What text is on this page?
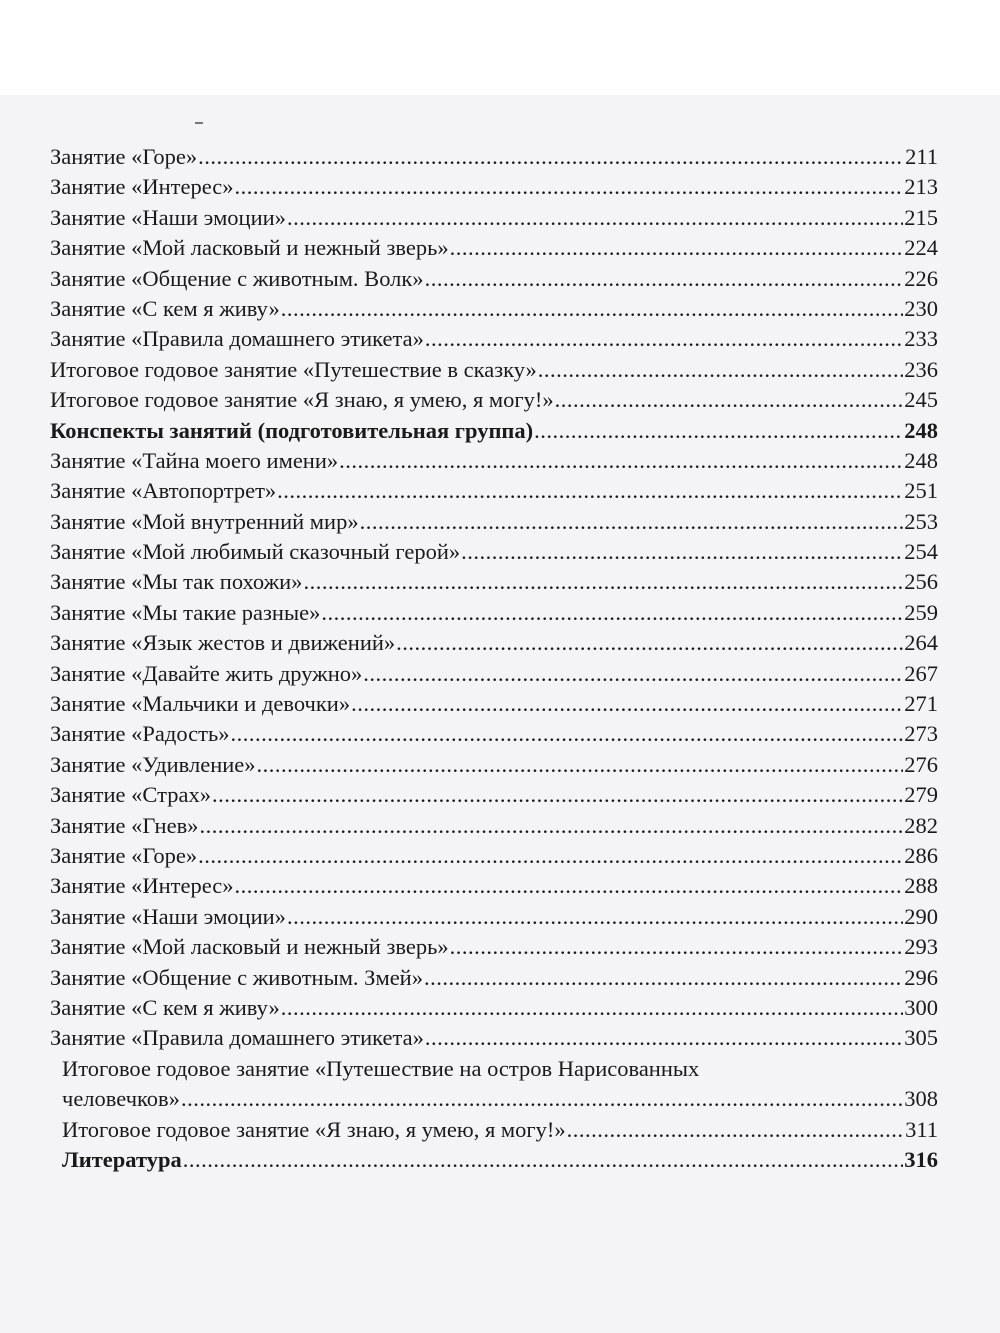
Занятие «Горе» .....	211
Занятие «Интерес» .....	213
Занятие «Наши эмоции» .....	215
Занятие «Мой ласковый и нежный зверь» .....	224
Занятие «Общение с животным. Волк» .....	226
Занятие «С кем я живу» .....	230
Занятие «Правила домашнего этикета» .....	233
Итоговое годовое занятие «Путешествие в сказку» .....	236
Итоговое годовое занятие «Я знаю, я умею, я могу!» .....	245
Конспекты занятий (подготовительная группа) .....	248
Занятие «Тайна моего имени» .....	248
Занятие «Автопортрет» .....	251
Занятие «Мой внутренний мир» .....	253
Занятие «Мой любимый сказочный герой» .....	254
Занятие «Мы так похожи» .....	256
Занятие «Мы такие разные» .....	259
Занятие «Язык жестов и движений» .....	264
Занятие «Давайте жить дружно» .....	267
Занятие «Мальчики и девочки» .....	271
Занятие «Радость» .....	273
Занятие «Удивление» .....	276
Занятие «Страх» .....	279
Занятие «Гнев» .....	282
Занятие «Горе» .....	286
Занятие «Интерес» .....	288
Занятие «Наши эмоции» .....	290
Занятие «Мой ласковый и нежный зверь» .....	293
Занятие «Общение с животным. Змей» .....	296
Занятие «С кем я живу» .....	300
Занятие «Правила домашнего этикета» .....	305
Итоговое годовое занятие «Путешествие на остров Нарисованных
человечков» .....	308
Итоговое годовое занятие «Я знаю, я умею, я могу!» .....	311
Литература .....	316
